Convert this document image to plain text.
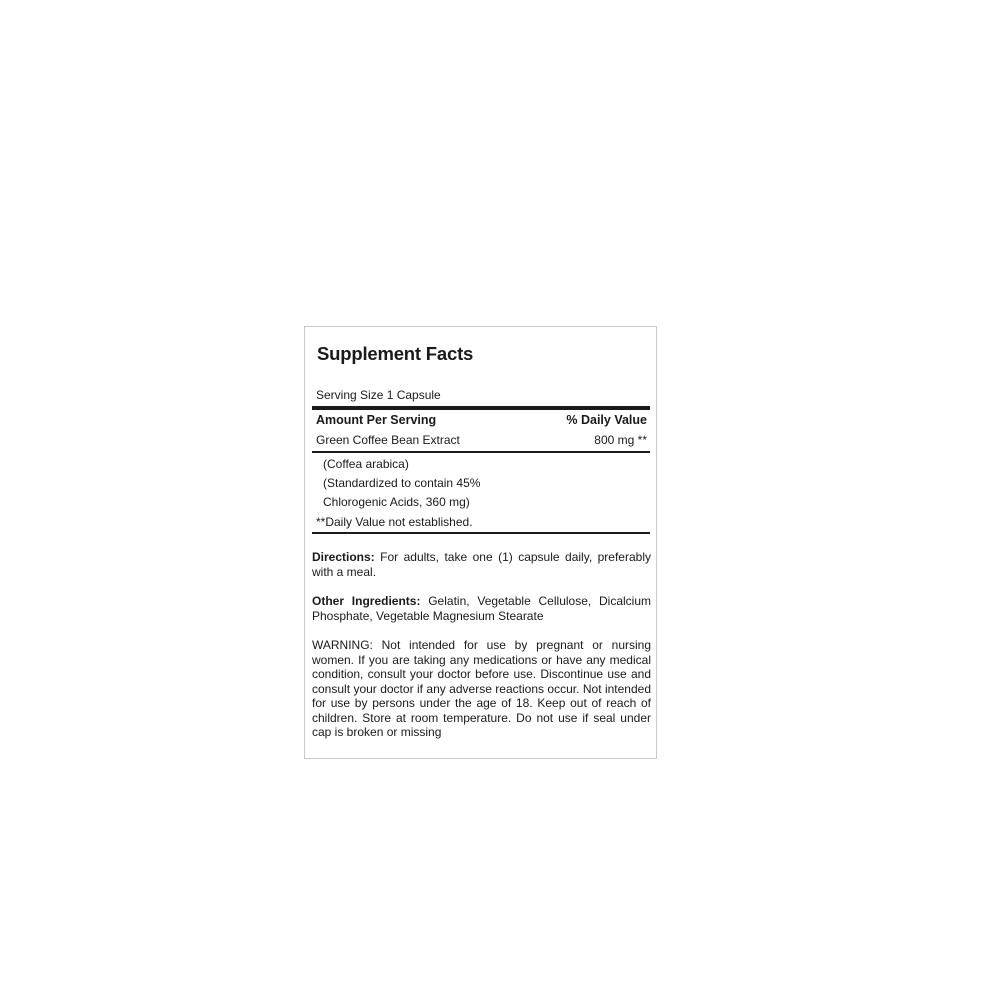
Supplement Facts
Serving Size 1 Capsule
Amount Per Serving	% Daily Value
Green Coffee Bean Extract	800 mg **
(Coffea arabica)
(Standardized to contain 45%
Chlorogenic Acids, 360 mg)
**Daily Value not established.
Directions: For adults, take one (1) capsule daily, preferably with a meal.
Other Ingredients: Gelatin, Vegetable Cellulose, Dicalcium Phosphate, Vegetable Magnesium Stearate
WARNING: Not intended for use by pregnant or nursing women. If you are taking any medications or have any medical condition, consult your doctor before use. Discontinue use and consult your doctor if any adverse reactions occur. Not intended for use by persons under the age of 18. Keep out of reach of children. Store at room temperature. Do not use if seal under cap is broken or missing
